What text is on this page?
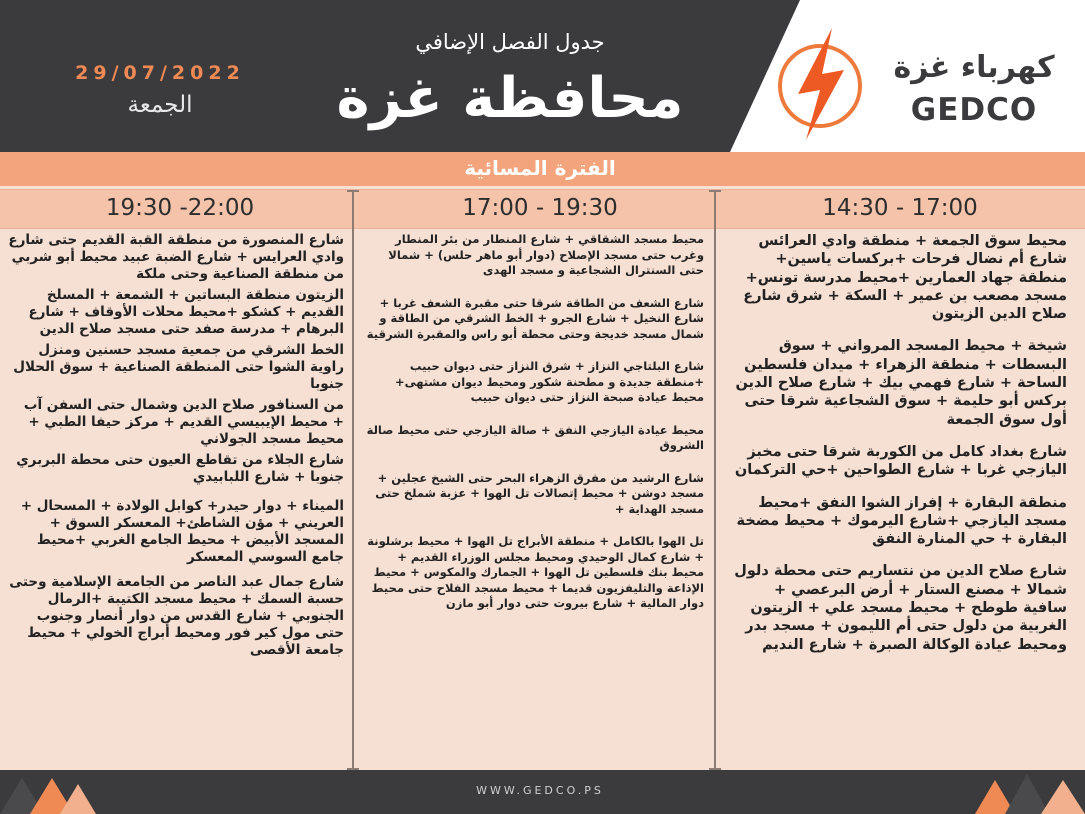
29/07/2022
الجمعة
جدول الفصل الإضافي
محافظة غزة	كهرباء غزة
GEDCO
الفترة المسائية
14:30 - 17:00
17:00 - 19:30
19:30 -22:00

محيط سوق الجمعة + منطقة وادي العرائس شارع أم نضال فرحات +بركسات ياسين+ منطقة جهاد العمارين +محيط مدرسة تونس+ مسجد مصعب بن عمير + السكة + شرق شارع صلاح الدين الزيتون

شيخة + محيط المسجد المرواني + سوق البسطات + منطقة الزهراء + ميدان فلسطين الساحة + شارع فهمي بيك + شارع صلاح الدين بركس أبو حليمة + سوق الشجاعية شرقا حتى أول سوق الجمعة

شارع بغداد كامل من الكوربة شرقا حتى مخبز اليازجي غربا + شارع الطواحين +حي التركمان

منطقة البقارة + إفراز الشوا النفق +محيط مسجد اليازجي +شارع اليرموك + محيط مضخة البقارة + حي المنارة النفق

شارع صلاح الدين من نتساريم حتى محطة دلول شمالا + مصنع الستار + أرض البرعصي + سافية طوطح + محيط مسجد علي + الزيتون الغربية من دلول حتى أم الليمون + مسجد بدر ومحيط عيادة الوكالة الصبرة + شارع النديم

محيط مسجد الشقاقي + شارع المنطار من بئر المنطار وغرب حتى مسجد الإصلاح (دوار أبو ماهر حلس) + شمالا حتى السنترال الشجاعية و مسجد الهدى

شارع الشعف من الطاقة شرقا حتى مقبرة الشعف غربا + شارع النخيل + شارع الجرو + الخط الشرقي من الطاقة و شمال مسجد خديجة وحتى محطة أبو راس والمقبرة الشرقية

شارع البلتاجي النزاز + شرق النزاز حتى ديوان حبيب +منطقة جديدة و مطحنة شكور ومحيط ديوان مشتهى+ محيط عيادة صبحة النزاز حتى ديوان حبيب

محيط عيادة اليازجي النفق + صالة اليازجي حتى محيط صالة الشروق

شارع الرشيد من مفرق الزهراء البحر حتى الشيخ عجلين + مسجد دوشن + محيط إتصالات تل الهوا + عزبة شملخ حتى مسجد الهداية +

تل الهوا بالكامل + منطقة الأبراج تل الهوا + محيط برشلونة + شارع كمال الوحيدي ومحيط مجلس الوزراء القديم + محيط بنك فلسطين تل الهوا + الجمارك والمكوس + محيط الإذاعة والتليفزيون قديما + محيط مسجد الفلاح حتى محيط دوار المالية + شارع بيروت حتى دوار أبو مازن

شارع المنصورة من منطقة القبة القديم حتى شارع وادي العرايس + شارع الضبة عبيد محيط أبو شربي من منطقة الصناعية وحتى ملكة

الزيتون منطقة البساتين + الشمعة + المسلخ القديم + كشكو +محيط محلات الأوقاف + شارع البرهام + مدرسة صفد حتى مسجد صلاح الدين

الخط الشرقي من جمعية مسجد حسنين ومنزل راوية الشوا حتى المنطقة الصناعية + سوق الحلال جنوبا

من السنافور صلاح الدين وشمال حتى السفن آب + محيط الإيبيسي القديم + مركز حيفا الطبي + محيط مسجد الجولاني

شارع الجلاء من تقاطع العيون حتى محطة البربري جنوبا + شارع اللبابيدي

الميناء + دوار حيدر+ كوابل الولادة + المسحال + العريني + مؤن الشاطئ+ المعسكر السوق + المسجد الأبيض + محيط الجامع الغربي +محيط جامع السوسي المعسكر

شارع جمال عبد الناصر من الجامعة الإسلامية وحتى حسبة السمك + محيط مسجد الكتيبة +الرمال الجنوبي + شارع القدس من دوار أنصار وجنوب حتى مول كير فور ومحيط أبراج الخولي + محيط جامعة الأقصى

WWW.GEDCO.PS
